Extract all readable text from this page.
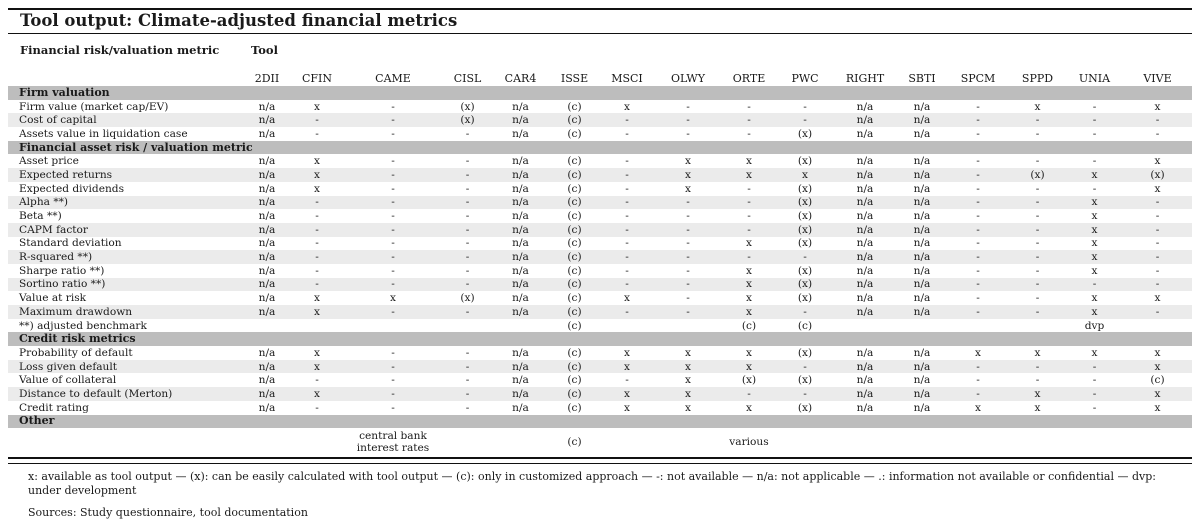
Tool output: Climate-adjusted financial metrics
Financial risk/valuation metric	Tool
	2DII	CFIN	CAME	CISL	CAR4	ISSE	MSCI	OLWY	ORTE	PWC	RIGHT	SBTI	SPCM	SPPD	UNIA	VIVE
Firm valuation																
Firm value (market cap/EV)	n/a	x	-	(x)	n/a	(c)	x	-	-	-	n/a	n/a	-	x	-	x
Cost of capital	n/a	-	-	(x)	n/a	(c)	-	-	-	-	n/a	n/a	-	-	-	-
Assets value in liquidation case	n/a	-	-	-	n/a	(c)	-	-	-	(x)	n/a	n/a	-	-	-	-
Financial asset risk / valuation metric																
Asset price	n/a	x	-	-	n/a	(c)	-	x	x	(x)	n/a	n/a	-	-	-	x
Expected returns	n/a	x	-	-	n/a	(c)	-	x	x	x	n/a	n/a	-	(x)	x	(x)
Expected dividends	n/a	x	-	-	n/a	(c)	-	x	-	(x)	n/a	n/a	-	-	-	x
Alpha **)	n/a	-	-	-	n/a	(c)	-	-	-	(x)	n/a	n/a	-	-	x	-
Beta **)	n/a	-	-	-	n/a	(c)	-	-	-	(x)	n/a	n/a	-	-	x	-
CAPM factor	n/a	-	-	-	n/a	(c)	-	-	-	(x)	n/a	n/a	-	-	x	-
Standard deviation	n/a	-	-	-	n/a	(c)	-	-	x	(x)	n/a	n/a	-	-	x	-
R-squared **)	n/a	-	-	-	n/a	(c)	-	-	-	-	n/a	n/a	-	-	x	-
Sharpe ratio **)	n/a	-	-	-	n/a	(c)	-	-	x	(x)	n/a	n/a	-	-	x	-
Sortino ratio **)	n/a	-	-	-	n/a	(c)	-	-	x	(x)	n/a	n/a	-	-	-	-
Value at risk	n/a	x	x	(x)	n/a	(c)	x	-	x	(x)	n/a	n/a	-	-	x	x
Maximum drawdown	n/a	x	-	-	n/a	(c)	-	-	x	-	n/a	n/a	-	-	x	-
**) adjusted benchmark						(c)			(c)	(c)					dvp	
Credit risk metrics																
Probability of default	n/a	x	-	-	n/a	(c)	x	x	x	(x)	n/a	n/a	x	x	x	x
Loss given default	n/a	x	-	-	n/a	(c)	x	x	x	-	n/a	n/a	-	-	-	x
Value of collateral	n/a	-	-	-	n/a	(c)	-	x	(x)	(x)	n/a	n/a	-	-	-	(c)
Distance to default (Merton)	n/a	x	-	-	n/a	(c)	x	x	-	-	n/a	n/a	-	x	-	x
Credit rating	n/a	-	-	-	n/a	(c)	x	x	x	(x)	n/a	n/a	x	x	-	x
Other																
			central bank interest rates			(c)			various							
x: available as tool output — (x): can be easily calculated with tool output — (c): only in customized approach — -: not available — n/a: not applicable — .: information not available or confidential — dvp: under development
Sources: Study questionnaire, tool documentation
